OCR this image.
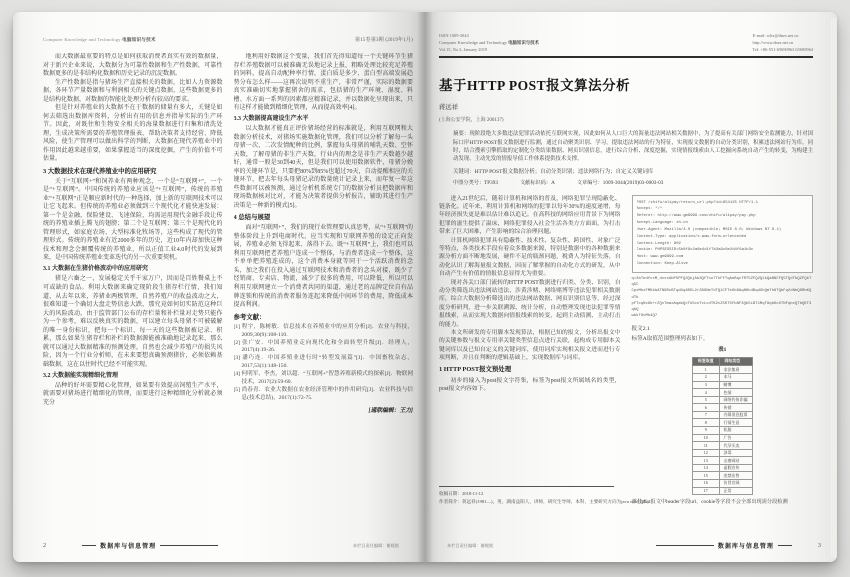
Computer Knowledge and Technology 电脑知识与技术	第15卷第3期 (2019年1月)
而大数据最重要的特点是如何获取消费者真实有效的数据量，对于新兴企业来说，大数据分为可靠性数据和生产性数据，可靠性数据更多的是非结构化数据和历史记录的沉淀数据。
生产性数据是指与猪场生产直接相关的数据，比如人力资源数据、各环节产量数据和与利润相关的关键点数据，这些数据更多的是结构化数据，对数据的智能化处理分析有较高的要求。
但是针对养殖业的大数据不在于数据的储量有多大，关键是如何去筛选出数据库资料，分析出有用的信息并指导实际的生产环节。因此，对既往和生物安全相关的海量数据进行归集和清洗处理，生成决策所需要的养殖管理报表，帮助决策者支持经营、降低风险，使生产管理可以做出科学的判断，大数据在现代养殖业中的作用因此越来越重要，如果掌握适当的深度挖掘，产生的价值不可估量。
3 大数据技术在现代养殖业中的应用研究
关于“互联网+”和饲养业有两种观念，一个是“互联网+”，一个是“+互联网”。中国传统的养殖业应该是“+互联网”，传统的养殖业“+互联网”正是顺应新时代的一种选择，加上新的互联网技术可以让它飞起来。但传统的养殖业必须做到三个现代化才能快速发展：第一个是金融，保险建设、飞速保险，均需运用现代金融手段让传统的养殖业插上腾飞的翅膀；第二个是互联网；第三个是现代化的管理形式，如家庭农场、大型标准化牧场等，这些构成了现代的管理形式。传统的养殖业有近2000多年的历史，近10年内却加快这种技术和理念会颠覆传统的养殖业，所以正值工业4.0时代的发展到来，是中国传统养殖业变革迭代的另一次重要契机。
3.1 大数据在生猪价格波动中的应用研究
猪是六畜之一，发展稳定关乎千家万户，因而是百姓餐桌上不可或缺的食品。利用大数据来确定现阶段生猪存栏行情，我们知道，从去年以来，养猪业两极管理，自然养殖户的收益波动之大，很难知道一个确切大盘走势信息大跌，那究竟如何切实防范这种巨大的风险波动，由于监管部门公布的存栏量和补栏量对走势只能作为一个参考，难以反映真实的数据，可以建立每头母猪不可被破解的唯一身份标识，把每一个标识、每一天的这些数据被记录、积累，那么如果生猪存栏和补栏的数据源能被准确地记录起来，那么就可以通过大数据精准的预测处理，自然也会减少养殖户的损失风险，因为一个行业分析师，在未来要想真确预测猪价，必须依赖基础数据，这在以往时代已经不可能实现。
3.2 大数据能实现精细化管理
品种的好坏需要精心化管理，如果要有效提高饲殖生产水平，就需要对猪场进行精细化的管理，而要进行这种精细化分析就必须充分
地利用好数据这个变量，我们首先得知道每一个关键环节生猪存栏养殖数据可以被准确无误地记录上报，粗略处理比较充足养殖的饲料，提高自动配种率行情，蛋白质是多少、蛋白型高端发展趋势分布怎么样——这再次说明不重生产，非常严谨，实际的数据要真实准确切实地掌握猪舍的需求，包括猪的生产环境、湿度、料槽、水方面一系列的因素都应精准记录，并以数据化呈现出来，只有这样才能做到精细化管理，从而提高效率[4]。
3.3 大数据提高建设生产水平
以大数据才能真正评价猪场经营的标准就是，利用互联网和大数据分析技术，对猪场实施数据化管理，我们可以分析了解每一头母猪一次、二次发情配种的比例，掌握每头母猪的哺乳天数、空怀天数，了解母猪的非生产天数，行业内的理念是非生产天数越少越好，通常一般是30到40天，但是我们可以使用数据软件，母猪分娩率的关键环节是，只要把80%到85%也超过70天，自动提醒相应的关键环节，把去年每头母猪记录的数量统计记录上来，而年复一年这些数据可以被预测，通过分析机系统专门的数据分析员把数据库和现场数据核对比对，才能为决策者提供分析报告，辅助其进行生产决策是一种新的模式[5]。
4 总结与展望
面对“互联网+”，我们的现行业管理要认真思考，从“+互联网”的整体阶段上升到电商时代，应当实现和互联网养殖的设定正向发展，养殖业必须飞得起来、落得下去。既“+互联网”上，我们也可以利用互联网把老养殖户连成一个整体，与消费者连成一个整体，这不单单把养殖连成的，这个消费本身就等同于一个活跃消费的念头，加之我们在投入通过互联网技术和消费者的念头对接，既少了经销商、专卖店、物流，减少了很多的费用，可以降低，所以可以利用互联网建立一个消费者共同的渠道，通过老的品牌定位自有品牌连锁和传统的消费者服务连起来降低中间环节的费用，降低成本提高利润。
参考文献：
[1] 程宇，陈树敏．信息技术在养殖业中的应用分析[J]．农业与科技，2009,30(9):108-110.
[2] 张广安．中国养殖业走向现代化和全面转型升级[J]．经理人，2017(4):19-26.
[3] 潘巧连．中国养殖业进行时“转型发展篇”[J]．中国畜牧杂志，2017,53(1):148-150.
[4] 何明军，李杰，刘以超．“互联网+”智慧养殖新模式的探索[J]．物联网技术，2017(2):59-60.
[5] 尚春青．农业大数据在农业经济管理中的作用研究[J]．农业科技与信息(技术总结)，2017(1):72-75.
[通联编辑：王力]
2	数据库与信息管理	本栏目责任编辑：谢媛媛
ISSN 1009-3044
Computer Knowledge and Technology 电脑知识与技术
Vol.15, No.3, January 2019
E-mail: wltx@dnzs.net.cn
http://www.dnzs.net.cn
Tel: +86-551-65690963 65690964
基于HTTP POST报文算法分析
蒋远祥
(上海公安学院，上海 200137)
摘要：现阶段绝大多数违法犯罪活动依托互联网实现，因此如何从人口巨大的海量违法网站相关数据中，为了提高有关部门网络安全监测能力，针对国际口岸HTTP POST报文数据进行监测，通过自动聚类识别、学习，提取违法网站的行为特征，实现报文数据的自动分类识别，积累违法网站行为库，同时，结合搜索引擎抓取的定制化分类结果数据、网页识别信息，进行综合分析、深度挖掘，实现情报线索由人工挖掘向系统自动产生的转变，为构建主动发现、主动先发的情报导侦工作体系提供技术支撑。
关键词：HTTP POST报文数据分析；自动分类识别；违法网络行为；自定义关键词库
中图分类号：TP393	文献标识码：A	文章编号：1009-3044(2019)03-0003-03
进入21世纪后，随着计算机和网络的普及，网络犯罪呈现隐蔽化、链条化。近年来，利用计算机和网络的犯罪以每年30%的速度递增，每年经济损失更是难以估计难以追记。在高科技的网络应用背景下为网络犯罪的滋生提供了温床，网络犯罪侵入社会生活各类方方面面，为打击带来了巨大困难，产生影响的综合治理问题。
计算机网络犯罪具有隐蔽性、技术性、复杂性、跨国性、对象广泛等特点，各类技术手段有着众多数据来源，特别是数据中的各种数据来源分析方面不断地发展，硬件不足的瓶颈问题，税费人为特征失落，自动化认识了解海量报文数据，因而了解掌握的自动化方式的研发，从中自动产生有价值的情报信息显得尤为重要。
现对各关口部门流转的HTTP POST数据进行归类、分类、识别，自动分类筛选出违法网站违法、涉黄涉赌、网络赌博等违法犯罪相关数据库，综合大数据分析筛选出的违法网站数据、网页识别信息等，经过深度分析研判，进一步关联溯源、统计分析，自动整理发现违法犯罪等情报线索，从而实现大数据向情报线索的转变，起到主动侦测、主动打击的能力。
本文所研发的专用脚本发现算法，根据已知的报文，分析出报文中的关键参数与报文专用率关键类型信息点进行关联，起构成专用脚本关键词库以及已知自定义的关键词库，使用词库实现相关报文进而进行专项判断，并且在判断的逻辑基础上，实现数据库与词库。
1 HTTP POST报文预处理
初步的输入为post报文字符集，标签为post报文所属域名的类型，post报文内容如下。
POST /zhifu/alipay/return_url.php?id=854125 HTTP/1.1
Accept: */*
Referer: http://www.gm9999.com/zhifu/alipay/pay.php
Accept-Language: zh-cn
User-Agent: Mozilla/4.0 (compatible; MSIE 8.0; Windows NT 6.1)
Content-Type: application/x-www-form-urlencoded
Content-Length: 802
Cookie: PHPSESSID=5b8f9c2a6e4d1f7b3a9c8e2d4f6a1b3c
Host: www.gm9999.com
Connection: Keep-Alive
q=3bTedfcxM_dcvxAbP5PFQ2QkjAb3QfTxu7TkFfTqAeBqcTRT5ZFQ2Q1kQaBNCFQ5TQdTbQ2FQbTq5C
CpxMbxFMKkbATN9RcBTqdGq4B5L2r38GNeTdTQ1CFTeOb6AqNKb4BqdXhQmTh8TQbFq2dNbQ8RbKQdTb
pFTcqNx6b+rZQxTmwxAqabQxTk5cnTvLcdTK2cZ5KT5FbNF3Qb5LBT1MqT8qbKcXTNFqbcQTbQKT3qbQ
wbkT8vMb4Q7
报文2.1
标签A取值范围整理列表如下。
表1
标签取值	网站类型
1	非法集资
2	木马
3	赌博
4	色情
5	网络钓鱼诈骗
6	传销
7	内幕消息股票
8	行情生意
9	私服
10	广告
11	代孕买卖
12	涉毒
13	山寨网站
14	虚假宣传
15	违禁出售
16	仿冒官网
17	正常
部分post报文中header字段url、cookie等字段不会全部出现需分段检测
收稿日期：2018-11-12
作者简介：蒋远祥(1981—)，男，湖南益阳人，讲师，研究生导师，本科，主要研究方向为java web技术。
本栏目责任编辑：谢媛媛	数据库与信息管理	3
